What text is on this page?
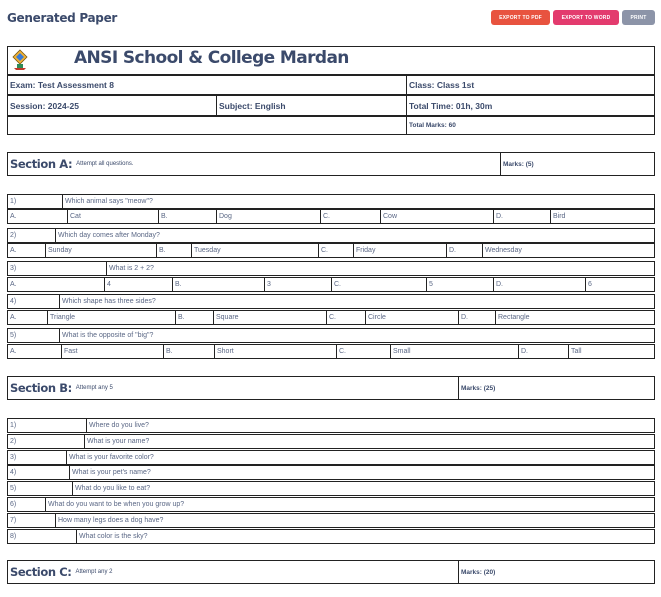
Generated Paper	EXPORT TO PDF	EXPORT TO WORD	PRINT
ANSI School & College Mardan
Exam: Test Assessment 8	Class: Class 1st
Session: 2024-25	Subject: English	Total Time: 01h, 30m
Total Marks: 60
Section A: Attempt all questions.	Marks: (5)
1)	Which animal says "meow"?
A.	Cat	B.	Dog	C.	Cow	D.	Bird
2)	Which day comes after Monday?
A.	Sunday	B.	Tuesday	C.	Friday	D.	Wednesday
3)	What is 2 + 2?
A.	4	B.	3	C.	5	D.	6
4)	Which shape has three sides?
A.	Triangle	B.	Square	C.	Circle	D.	Rectangle
5)	What is the opposite of "big"?
A.	Fast	B.	Short	C.	Small	D.	Tall
Section B: Attempt any 5	Marks: (25)
1)	Where do you live?
2)	What is your name?
3)	What is your favorite color?
4)	What is your pet's name?
5)	What do you like to eat?
6)	What do you want to be when you grow up?
7)	How many legs does a dog have?
8)	What color is the sky?
Section C: Attempt any 2	Marks: (20)
